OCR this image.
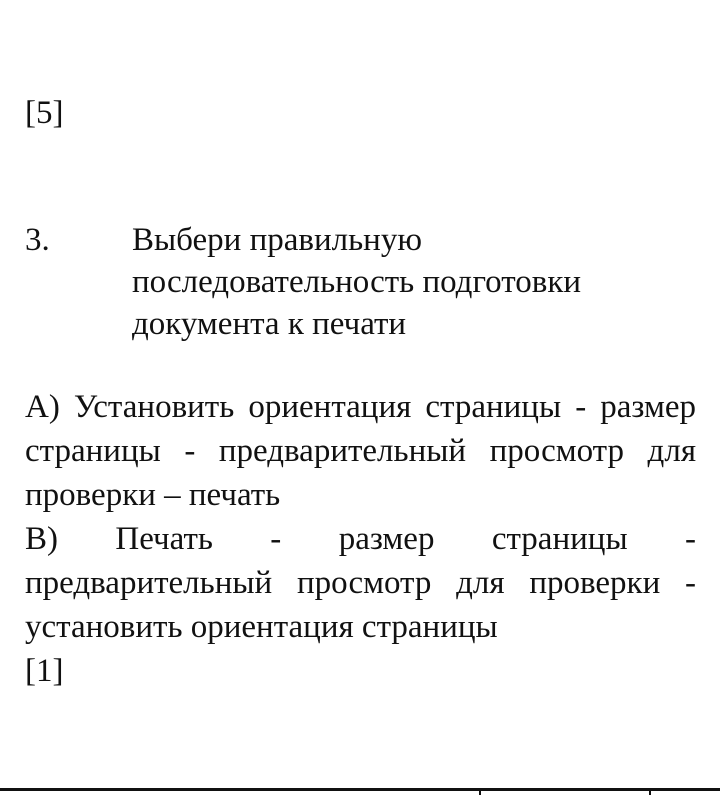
[5]
3. Выбери правильную последовательность подготовки документа к печати

A) Установить ориентация страницы - размер страницы - предварительный просмотр для проверки – печать

B) Печать - размер страницы - предварительный просмотр для проверки - установить ориентация страницы

[1]
